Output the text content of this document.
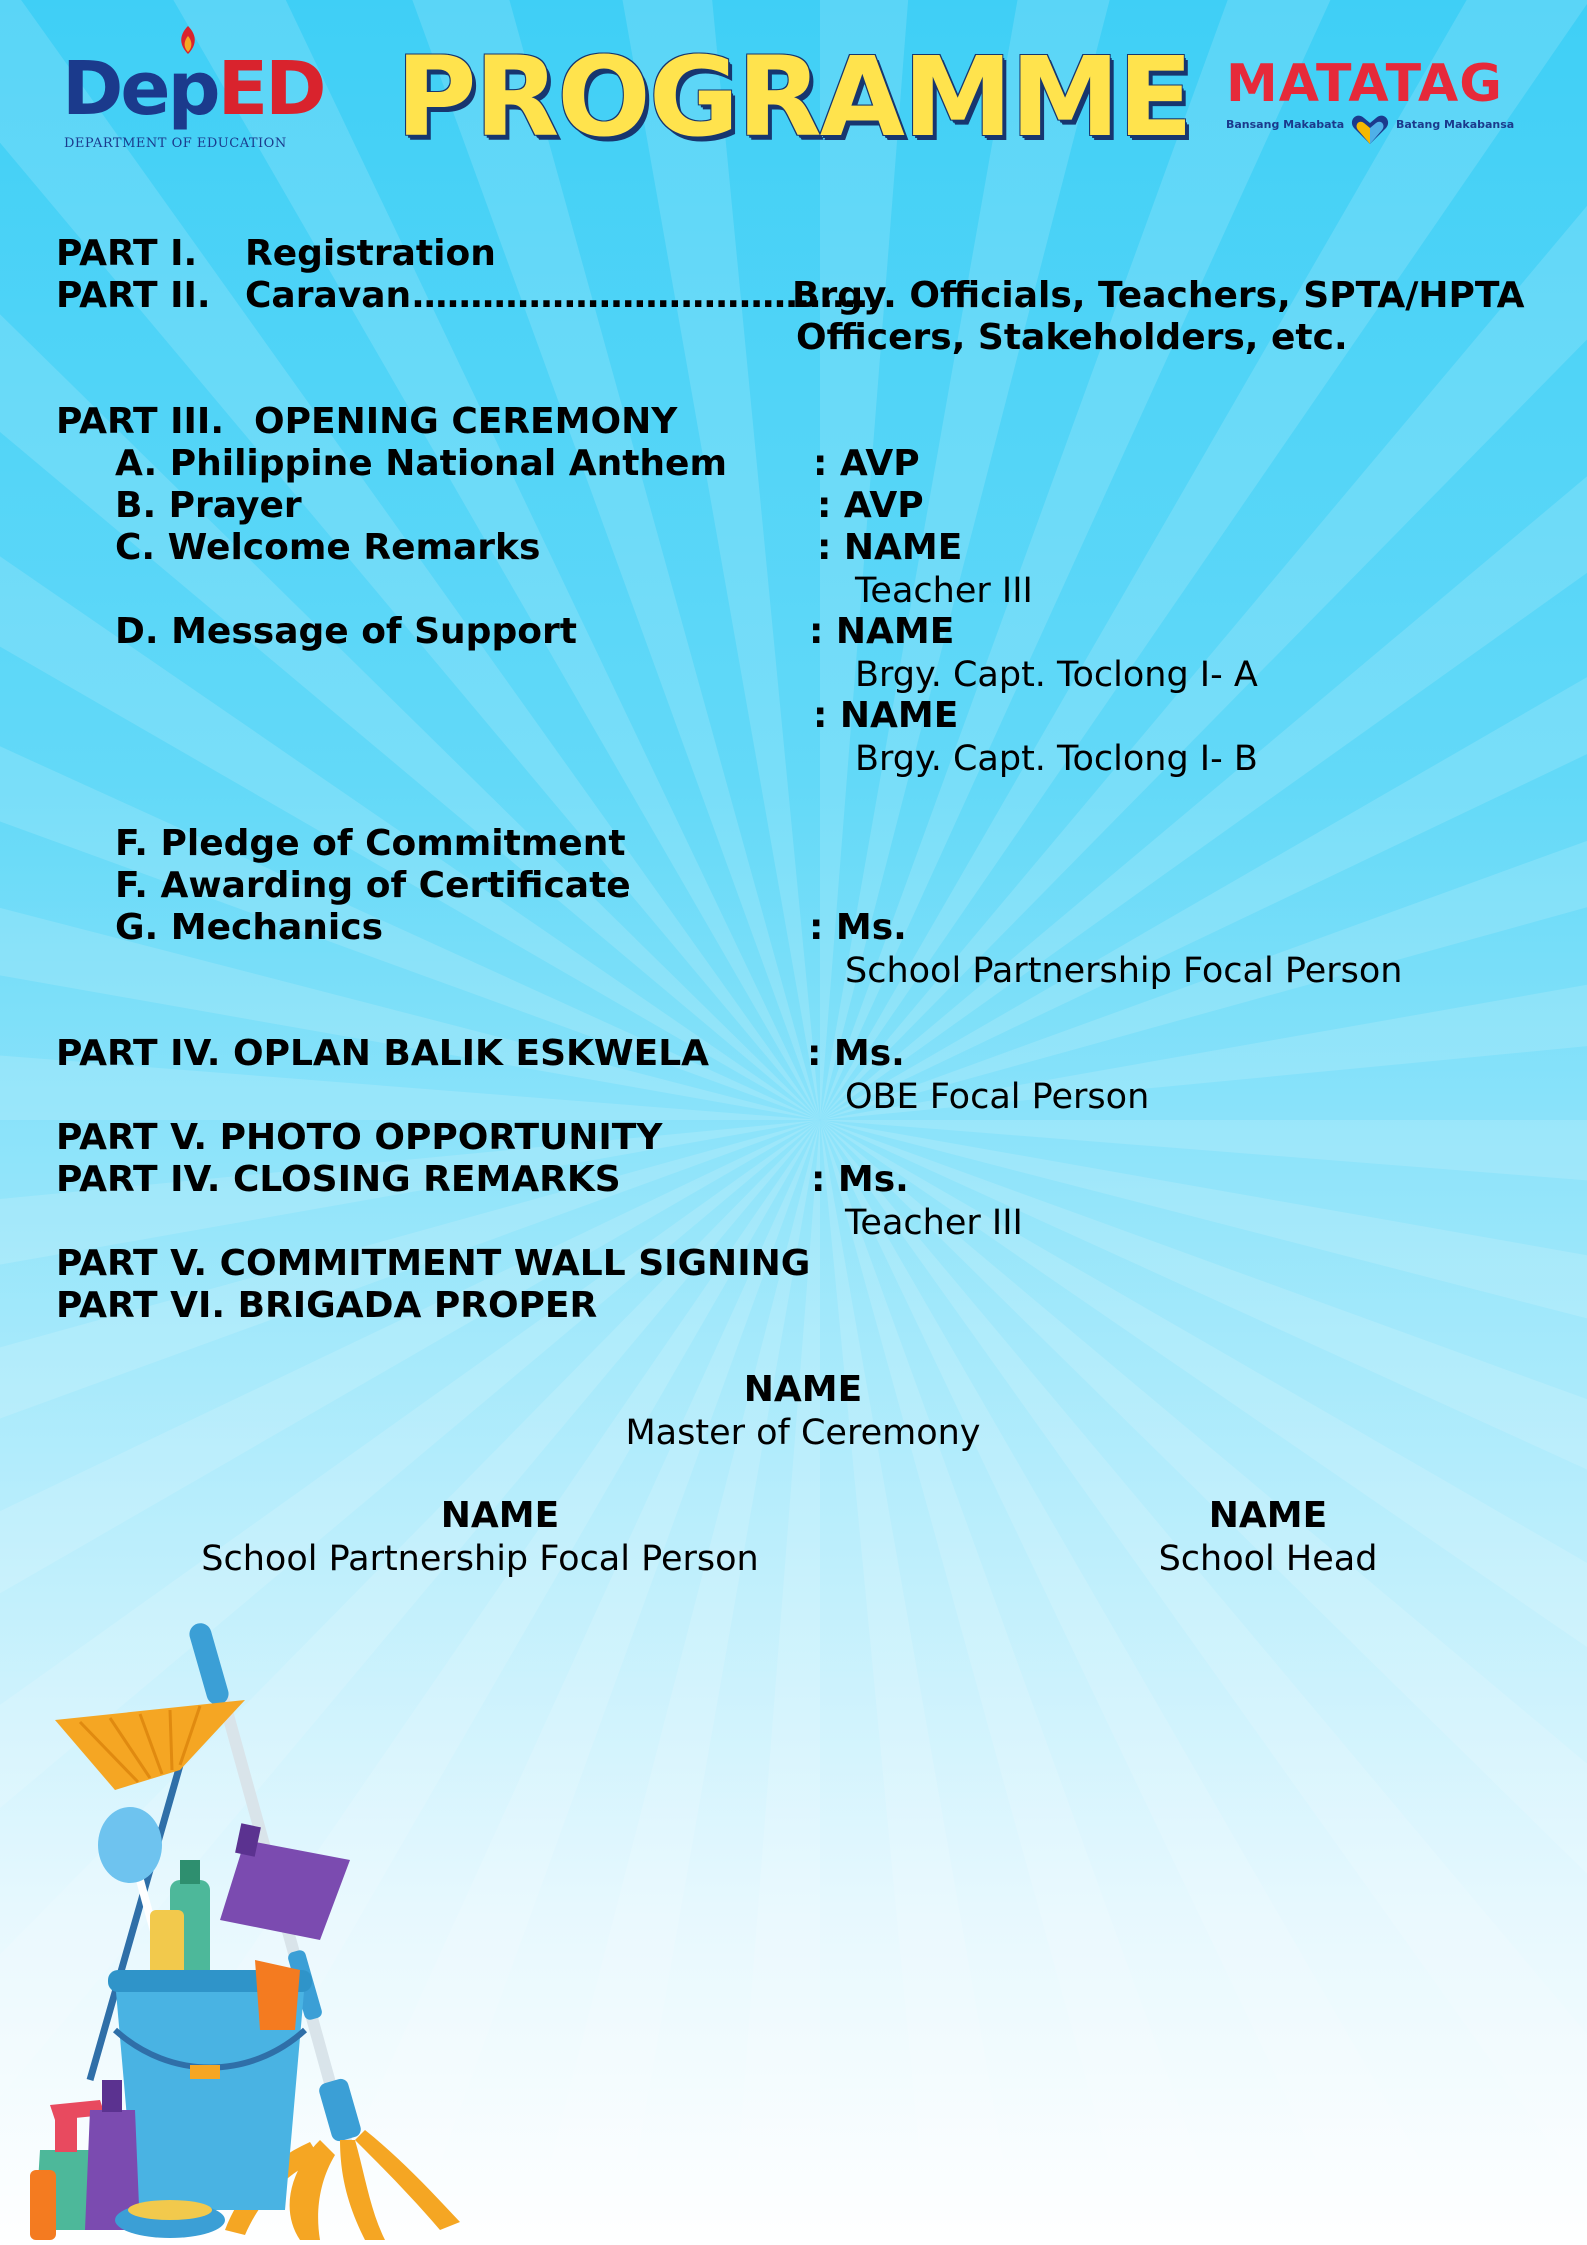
DepED
DEPARTMENT OF EDUCATION PROGRAMME MATATAG
Bansang Makabata	Batang Makabansa
PART I. Registration
PART II. Caravan........................................
Brgy. Officials, Teachers, SPTA/HPTA
Officers, Stakeholders, etc.
PART III. OPENING CEREMONY
A. Philippine National Anthem : AVP
B. Prayer	: AVP
C. Welcome Remarks	: NAME
Teacher III
D. Message of Support	: NAME
Brgy. Capt. Toclong I- A
: NAME
Brgy. Capt. Toclong I- B
F. Pledge of Commitment
F. Awarding of Certificate
G. Mechanics	: Ms.
School Partnership Focal Person
PART IV. OPLAN BALIK ESKWELA	: Ms.
OBE Focal Person
PART V. PHOTO OPPORTUNITY
PART IV. CLOSING REMARKS	: Ms.
Teacher III
PART V. COMMITMENT WALL SIGNING
PART VI. BRIGADA PROPER
NAME
Master of Ceremony
NAME
School Partnership Focal Person
NAME
School Head
